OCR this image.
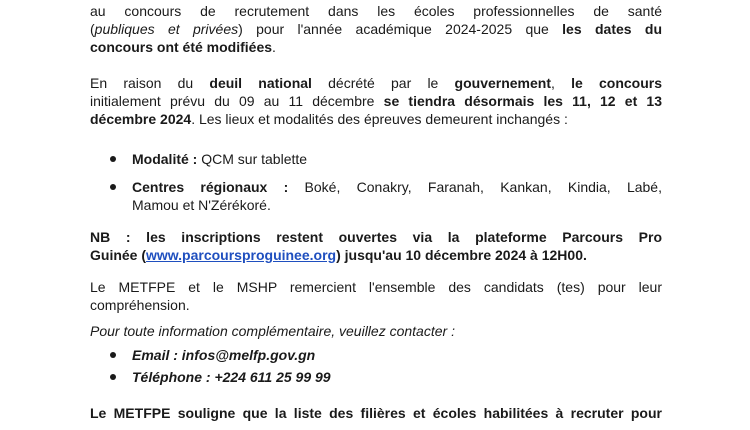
au concours de recrutement dans les écoles professionnelles de santé
(publiques et privées) pour l'année académique 2024-2025 que les dates du
concours ont été modifiées.
En raison du deuil national décrété par le gouvernement, le concours
initialement prévu du 09 au 11 décembre se tiendra désormais les 11, 12 et 13
décembre 2024. Les lieux et modalités des épreuves demeurent inchangés :
Modalité : QCM sur tablette
Centres régionaux : Boké, Conakry, Faranah, Kankan, Kindia, Labé,
Mamou et N'Zérékoré.
NB : les inscriptions restent ouvertes via la plateforme Parcours Pro
Guinée (www.parcoursproguinee.org) jusqu'au 10 décembre 2024 à 12H00.
Le METFPE et le MSHP remercient l'ensemble des candidats (tes) pour leur
compréhension.
Pour toute information complémentaire, veuillez contacter :
Email : infos@melfp.gov.gn
Téléphone : +224 611 25 99 99
Le METFPE souligne que la liste des filières et écoles habilitées à recruter pour
